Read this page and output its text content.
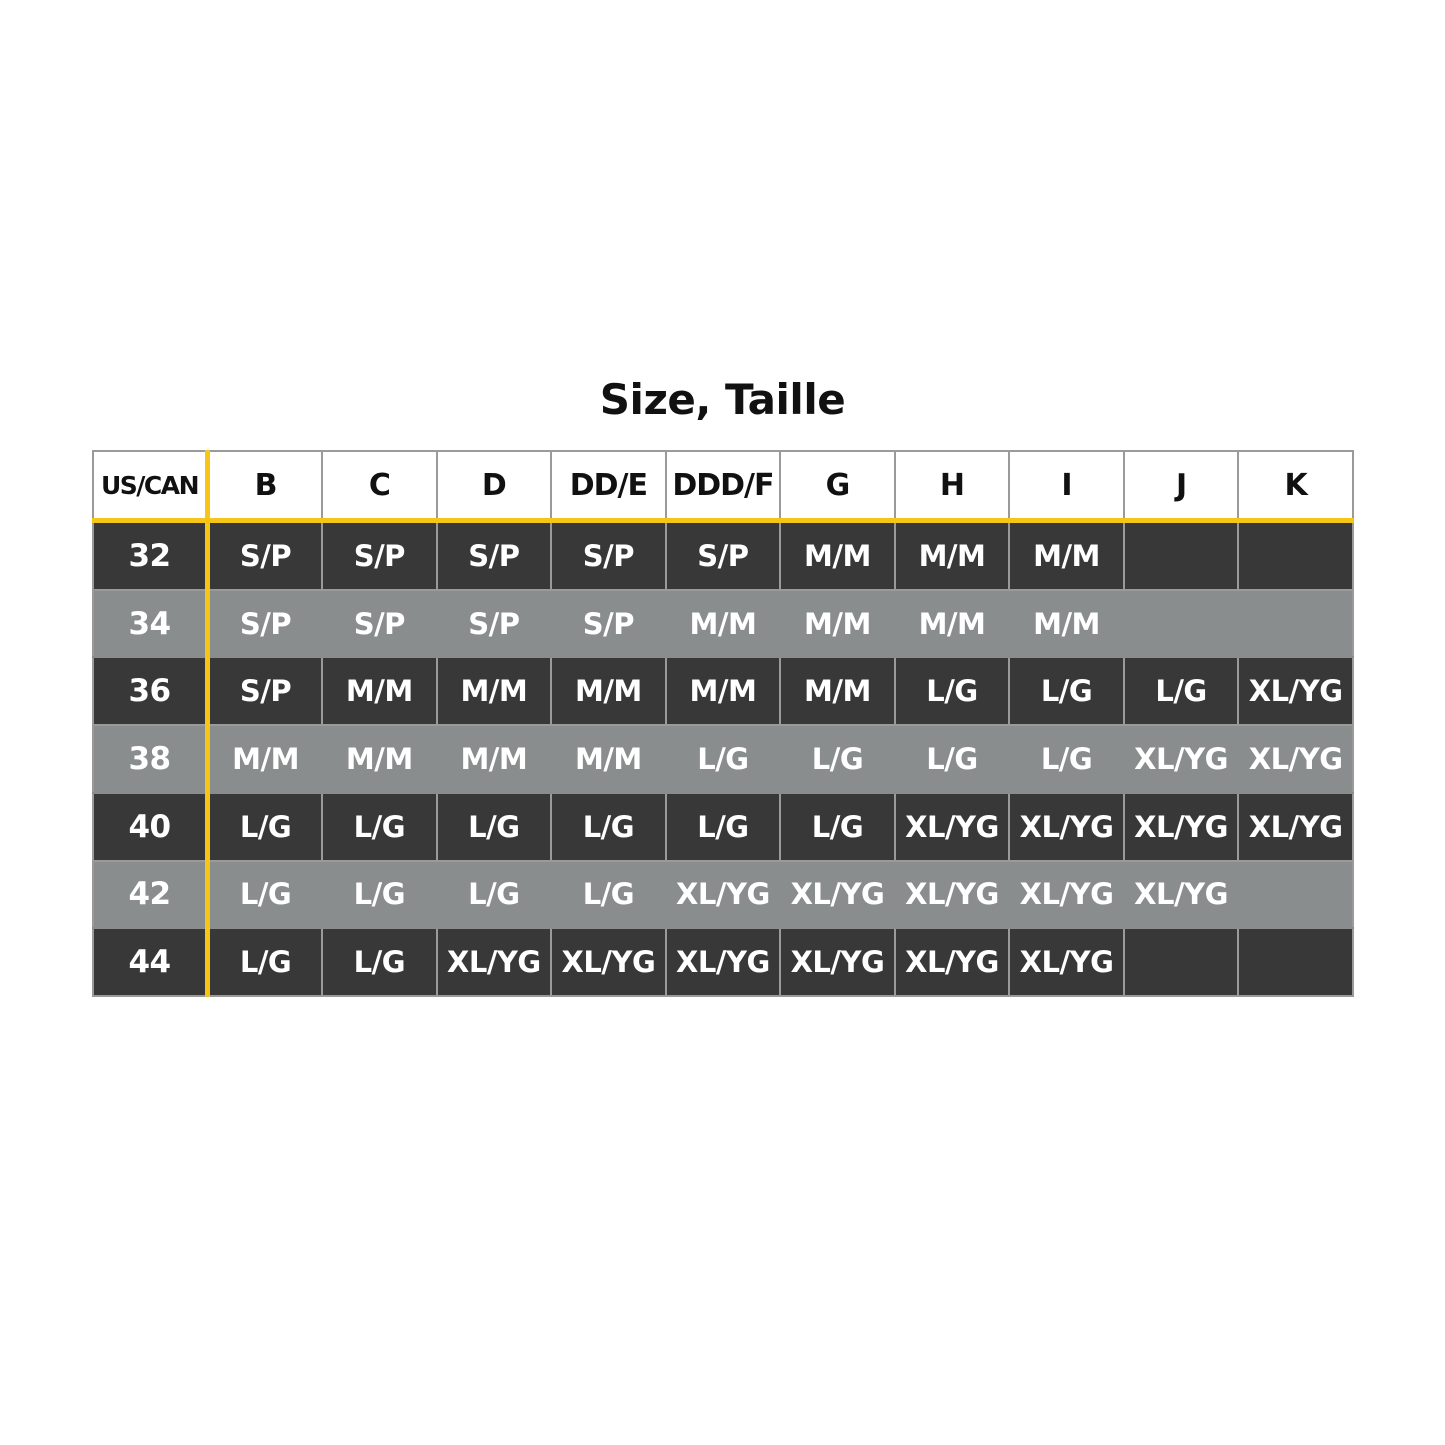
Size, Taille
US/CAN	B	C	D	DD/E	DDD/F	G	H	I	J	K
32	S/P	S/P	S/P	S/P	S/P	M/M	M/M	M/M		
34	S/P	S/P	S/P	S/P	M/M	M/M	M/M	M/M		
36	S/P	M/M	M/M	M/M	M/M	M/M	L/G	L/G	L/G	XL/YG
38	M/M	M/M	M/M	M/M	L/G	L/G	L/G	L/G	XL/YG	XL/YG
40	L/G	L/G	L/G	L/G	L/G	L/G	XL/YG	XL/YG	XL/YG	XL/YG
42	L/G	L/G	L/G	L/G	XL/YG	XL/YG	XL/YG	XL/YG	XL/YG	
44	L/G	L/G	XL/YG	XL/YG	XL/YG	XL/YG	XL/YG	XL/YG		
